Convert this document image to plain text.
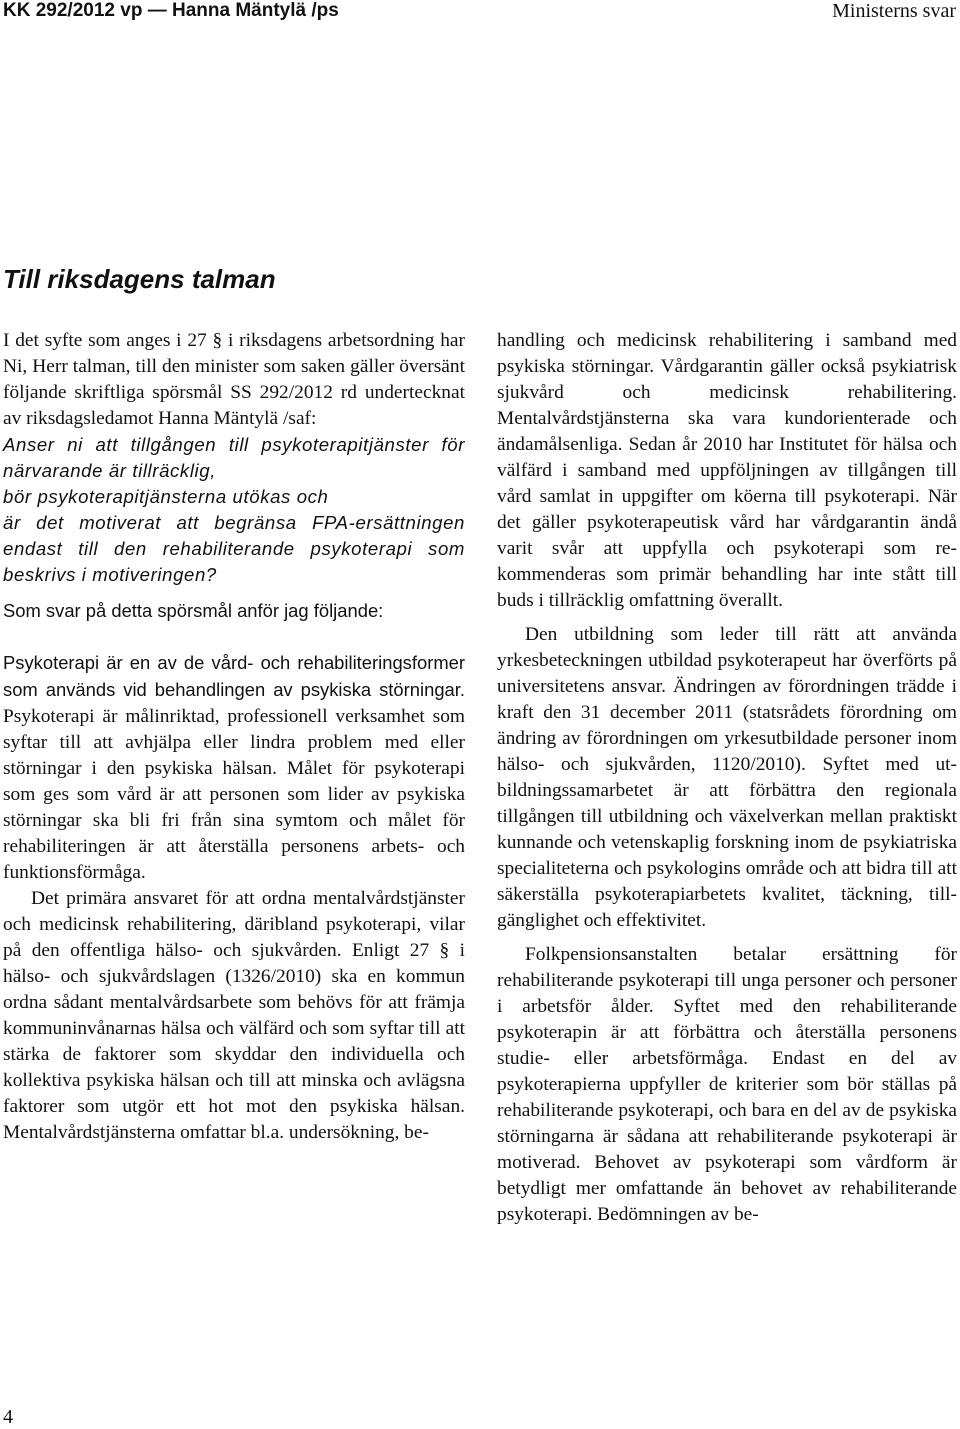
KK 292/2012 vp — Hanna Mäntylä /ps	Ministerns svar
Till riksdagens talman

I det syfte som anges i 27 § i riksdagens arbetsordning har Ni, Herr talman, till den minister som saken gäller översänt följande skriftliga spörsmål SS 292/2012 rd undertecknat av riksdagsledamot Hanna Mäntylä /saf:

Anser ni att tillgången till psykoterapitjänster för närvarande är tillräcklig,

bör psykoterapitjänsterna utökas och

är det motiverat att begränsa FPA-ersättningen endast till den rehabiliterande psykoterapi som beskrivs i motiveringen?

Som svar på detta spörsmål anför jag följande:

Psykoterapi är en av de vård- och rehabiliteringsformer som används vid behandlingen av psykiska störningar. Psykoterapi är målinriktad, professionell verksamhet som syftar till att avhjälpa eller lindra problem med eller störningar i den psykiska hälsan. Målet för psykoterapi som ges som vård är att personen som lider av psykiska störningar ska bli fri från sina symtom och målet för rehabiliteringen är att återställa personens arbets- och funktionsförmåga.

Det primära ansvaret för att ordna mentalvårdstjänster och medicinsk rehabilitering, däribland psykoterapi, vilar på den offentliga hälso- och sjukvården. Enligt 27 § i hälso- och sjukvårdslagen (1326/2010) ska en kommun ordna sådant mentalvårdsarbete som behövs för att främja kommuninvånarnas hälsa och välfärd och som syftar till att stärka de faktorer som skyddar den individuella och kollektiva psykiska hälsan och till att minska och avlägsna faktorer som utgör ett hot mot den psykiska hälsan. Mentalvårdstjänsterna omfattar bl.a. undersökning, be-

handling och medicinsk rehabilitering i samband med psykiska störningar. Vårdgarantin gäller också psykiatrisk sjukvård och medicinsk rehabilitering. Mentalvårdstjänsterna ska vara kundorienterade och ändamålsenliga. Sedan år 2010 har Institutet för hälsa och välfärd i samband med uppföljningen av tillgången till vård samlat in uppgifter om köerna till psykoterapi. När det gäller psykoterapeutisk vård har vårdgarantin ändå varit svår att uppfylla och psykoterapi som rekommenderas som primär behandling har inte stått till buds i tillräcklig omfattning överallt.

Den utbildning som leder till rätt att använda yrkesbeteckningen utbildad psykoterapeut har överförts på universitetens ansvar. Ändringen av förordningen trädde i kraft den 31 december 2011 (statsrådets förordning om ändring av förordningen om yrkesutbildade personer inom hälso- och sjukvården, 1120/2010). Syftet med utbildningssamarbetet är att förbättra den regionala tillgången till utbildning och växelverkan mellan praktiskt kunnande och vetenskaplig forskning inom de psykiatriska specialiteterna och psykologins område och att bidra till att säkerställa psykoterapiarbetets kvalitet, täckning, tillgänglighet och effektivitet.

Folkpensionsanstalten betalar ersättning för rehabiliterande psykoterapi till unga personer och personer i arbetsför ålder. Syftet med den rehabiliterande psykoterapin är att förbättra och återställa personens studie- eller arbetsförmåga. Endast en del av psykoterapierna uppfyller de kriterier som bör ställas på rehabiliterande psykoterapi, och bara en del av de psykiska störningarna är sådana att rehabiliterande psykoterapi är motiverad. Behovet av psykoterapi som vårdform är betydligt mer omfattande än behovet av rehabiliterande psykoterapi. Bedömningen av be-

4
